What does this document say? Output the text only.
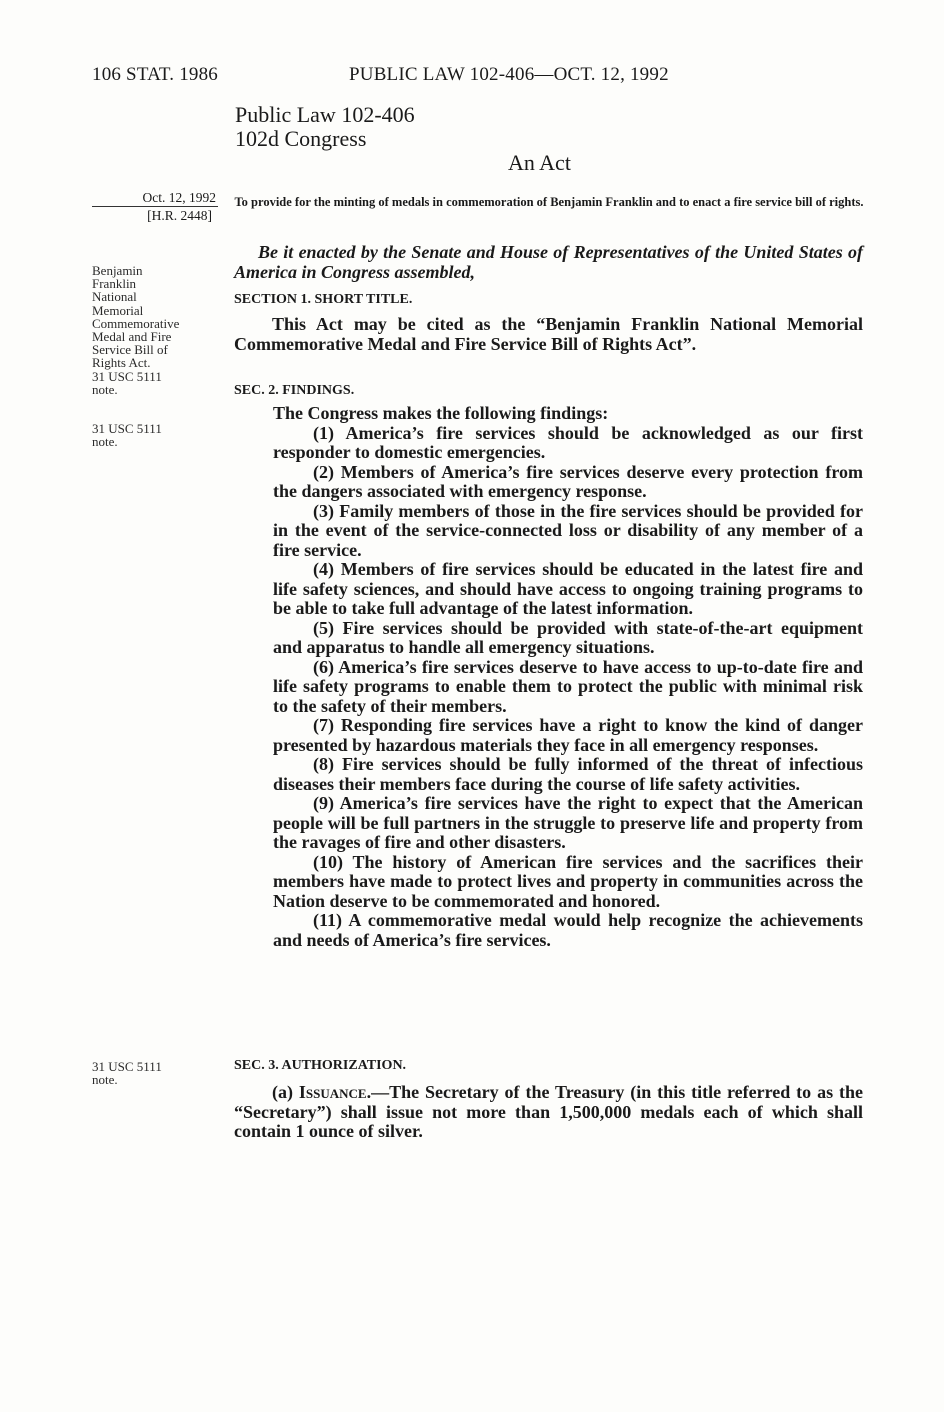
106 STAT. 1986	PUBLIC LAW 102-406—OCT. 12, 1992
Public Law 102-406
102d Congress
An Act
Oct. 12, 1992
[H.R. 2448]
To provide for the minting of medals in commemoration of Benjamin Franklin and to enact a fire service bill of rights.
Benjamin
Franklin
National
Memorial
Commemorative
Medal and Fire
Service Bill of
Rights Act.
31 USC 5111
note.
31 USC 5111
note.
31 USC 5111
note.
Be it enacted by the Senate and House of Representatives of the United States of America in Congress assembled,
SECTION 1. SHORT TITLE.
This Act may be cited as the “Benjamin Franklin National Memorial Commemorative Medal and Fire Service Bill of Rights Act”.
SEC. 2. FINDINGS.
The Congress makes the following findings:
(1) America’s fire services should be acknowledged as our first responder to domestic emergencies.
(2) Members of America’s fire services deserve every protection from the dangers associated with emergency response.
(3) Family members of those in the fire services should be provided for in the event of the service-connected loss or disability of any member of a fire service.
(4) Members of fire services should be educated in the latest fire and life safety sciences, and should have access to ongoing training programs to be able to take full advantage of the latest information.
(5) Fire services should be provided with state-of-the-art equipment and apparatus to handle all emergency situations.
(6) America’s fire services deserve to have access to up-to-date fire and life safety programs to enable them to protect the public with minimal risk to the safety of their members.
(7) Responding fire services have a right to know the kind of danger presented by hazardous materials they face in all emergency responses.
(8) Fire services should be fully informed of the threat of infectious diseases their members face during the course of life safety activities.
(9) America’s fire services have the right to expect that the American people will be full partners in the struggle to preserve life and property from the ravages of fire and other disasters.
(10) The history of American fire services and the sacrifices their members have made to protect lives and property in communities across the Nation deserve to be commemorated and honored.
(11) A commemorative medal would help recognize the achievements and needs of America’s fire services.
SEC. 3. AUTHORIZATION.
(a) Issuance.—The Secretary of the Treasury (in this title referred to as the “Secretary”) shall issue not more than 1,500,000 medals each of which shall contain 1 ounce of silver.
